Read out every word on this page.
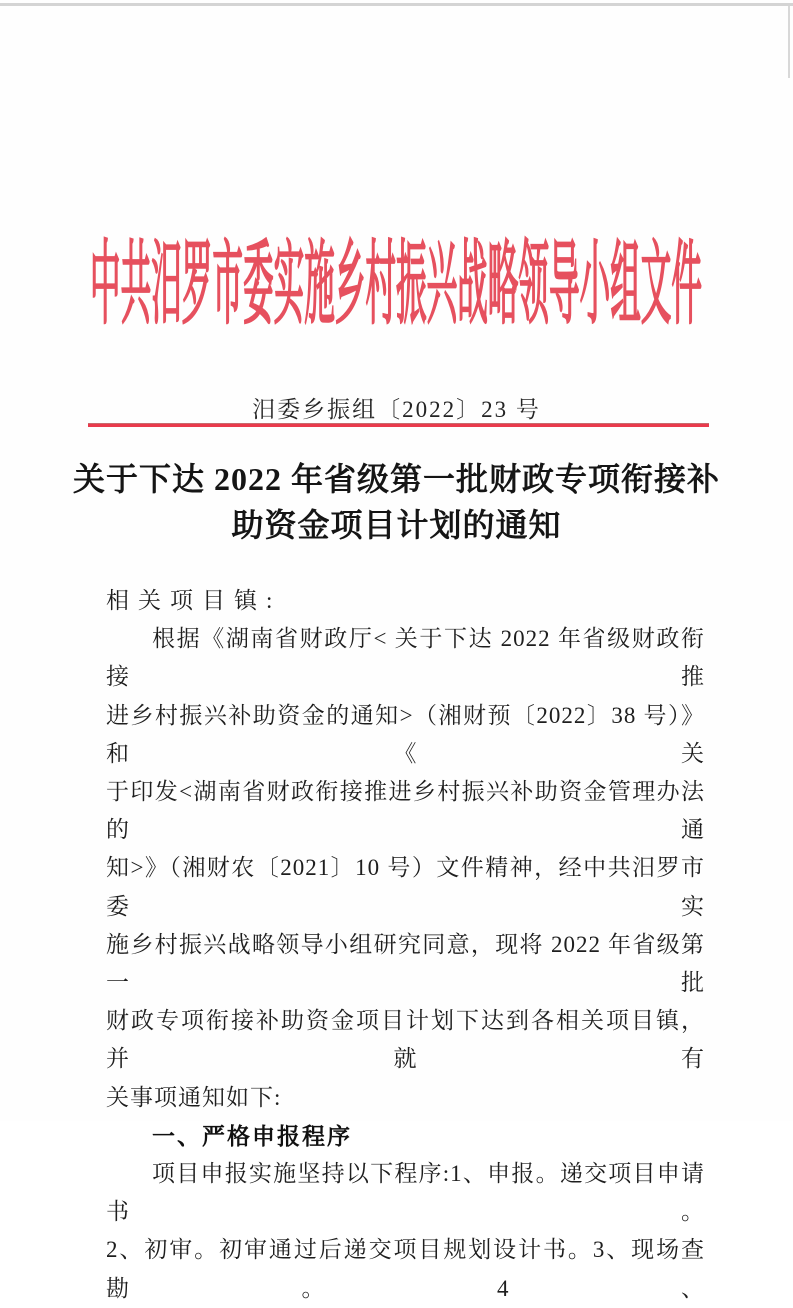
中共汨罗市委实施乡村振兴战略领导小组文件
汨委乡振组〔2022〕23 号
关于下达 2022 年省级第一批财政专项衔接补
助资金项目计划的通知
相关项目镇:
根据《湖南省财政厅< 关于下达 2022 年省级财政衔接推
进乡村振兴补助资金的通知>（湘财预〔2022〕38 号）》和《关
于印发<湖南省财政衔接推进乡村振兴补助资金管理办法的通
知>》（湘财农〔2021〕10 号）文件精神，经中共汨罗市委实
施乡村振兴战略领导小组研究同意，现将 2022 年省级第一批
财政专项衔接补助资金项目计划下达到各相关项目镇，并就有
关事项通知如下:
一、严格申报程序
项目申报实施坚持以下程序:1、申报。递交项目申请书。
2、初审。初审通过后递交项目规划设计书。3、现场查勘。4、
